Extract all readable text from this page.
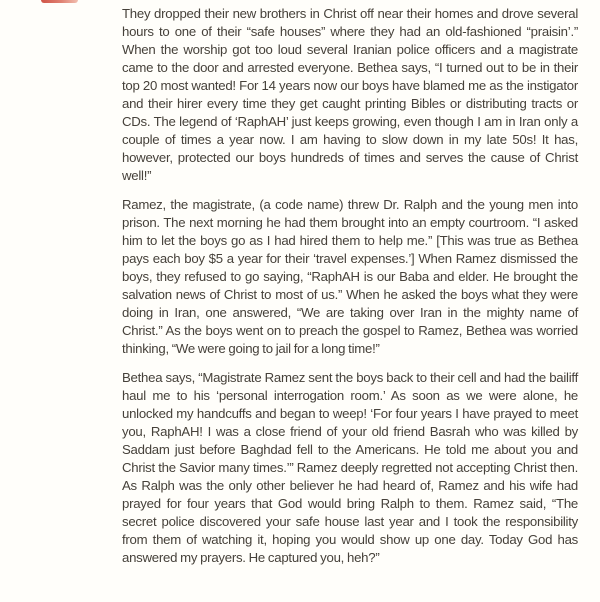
They dropped their new brothers in Christ off near their homes and drove several hours to one of their “safe houses” where they had an old-fashioned “praisin’.” When the worship got too loud several Iranian police officers and a magistrate came to the door and arrested everyone. Bethea says, “I turned out to be in their top 20 most wanted! For 14 years now our boys have blamed me as the instigator and their hirer every time they get caught printing Bibles or distributing tracts or CDs. The legend of ‘RaphAH’ just keeps growing, even though I am in Iran only a couple of times a year now. I am having to slow down in my late 50s! It has, however, protected our boys hundreds of times and serves the cause of Christ well!”

Ramez, the magistrate, (a code name) threw Dr. Ralph and the young men into prison. The next morning he had them brought into an empty courtroom. “I asked him to let the boys go as I had hired them to help me.” [This was true as Bethea pays each boy $5 a year for their ‘travel expenses.’] When Ramez dismissed the boys, they refused to go saying, “RaphAH is our Baba and elder. He brought the salvation news of Christ to most of us.” When he asked the boys what they were doing in Iran, one answered, “We are taking over Iran in the mighty name of Christ.” As the boys went on to preach the gospel to Ramez, Bethea was worried thinking, “We were going to jail for a long time!”

Bethea says, “Magistrate Ramez sent the boys back to their cell and had the bailiff haul me to his ‘personal interrogation room.’ As soon as we were alone, he unlocked my handcuffs and began to weep! ‘For four years I have prayed to meet you, RaphAH! I was a close friend of your old friend Basrah who was killed by Saddam just before Baghdad fell to the Americans. He told me about you and Christ the Savior many times.’” Ramez deeply regretted not accepting Christ then. As Ralph was the only other believer he had heard of, Ramez and his wife had prayed for four years that God would bring Ralph to them. Ramez said, “The secret police discovered your safe house last year and I took the responsibility from them of watching it, hoping you would show up one day. Today God has answered my prayers. He captured you, heh?”
